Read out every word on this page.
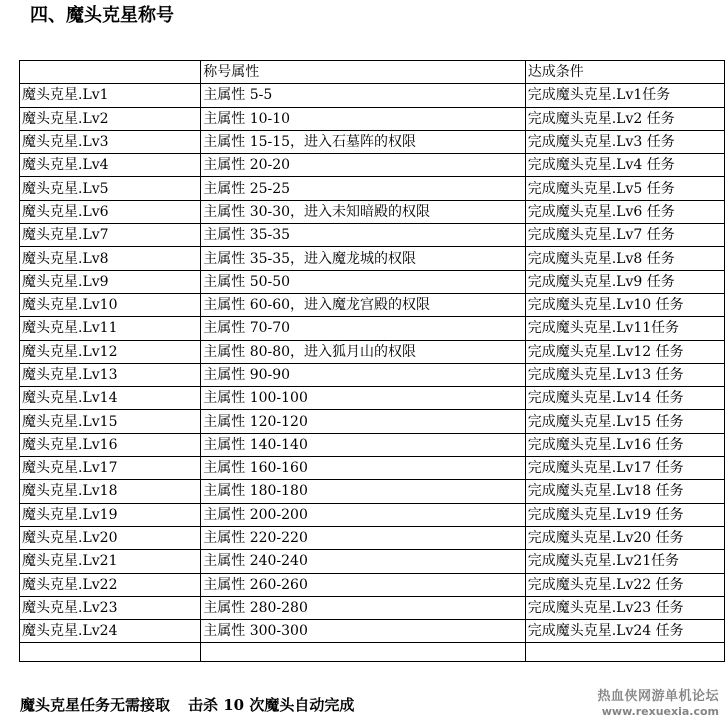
四、魔头克星称号
	称号属性	达成条件
魔头克星.Lv1	主属性 5-5	完成魔头克星.Lv1任务
魔头克星.Lv2	主属性 10-10	完成魔头克星.Lv2 任务
魔头克星.Lv3	主属性 15-15，进入石墓阵的权限	完成魔头克星.Lv3 任务
魔头克星.Lv4	主属性 20-20	完成魔头克星.Lv4 任务
魔头克星.Lv5	主属性 25-25	完成魔头克星.Lv5 任务
魔头克星.Lv6	主属性 30-30，进入未知暗殿的权限	完成魔头克星.Lv6 任务
魔头克星.Lv7	主属性 35-35	完成魔头克星.Lv7 任务
魔头克星.Lv8	主属性 35-35，进入魔龙城的权限	完成魔头克星.Lv8 任务
魔头克星.Lv9	主属性 50-50	完成魔头克星.Lv9 任务
魔头克星.Lv10	主属性 60-60，进入魔龙宫殿的权限	完成魔头克星.Lv10 任务
魔头克星.Lv11	主属性 70-70	完成魔头克星.Lv11任务
魔头克星.Lv12	主属性 80-80，进入狐月山的权限	完成魔头克星.Lv12 任务
魔头克星.Lv13	主属性 90-90	完成魔头克星.Lv13 任务
魔头克星.Lv14	主属性 100-100	完成魔头克星.Lv14 任务
魔头克星.Lv15	主属性 120-120	完成魔头克星.Lv15 任务
魔头克星.Lv16	主属性 140-140	完成魔头克星.Lv16 任务
魔头克星.Lv17	主属性 160-160	完成魔头克星.Lv17 任务
魔头克星.Lv18	主属性 180-180	完成魔头克星.Lv18 任务
魔头克星.Lv19	主属性 200-200	完成魔头克星.Lv19 任务
魔头克星.Lv20	主属性 220-220	完成魔头克星.Lv20 任务
魔头克星.Lv21	主属性 240-240	完成魔头克星.Lv21任务
魔头克星.Lv22	主属性 260-260	完成魔头克星.Lv22 任务
魔头克星.Lv23	主属性 280-280	完成魔头克星.Lv23 任务
魔头克星.Lv24	主属性 300-300	完成魔头克星.Lv24 任务

魔头克星任务无需接取 击杀 10 次魔头自动完成	热血侠网游单机论坛
www.rexuexia.com
